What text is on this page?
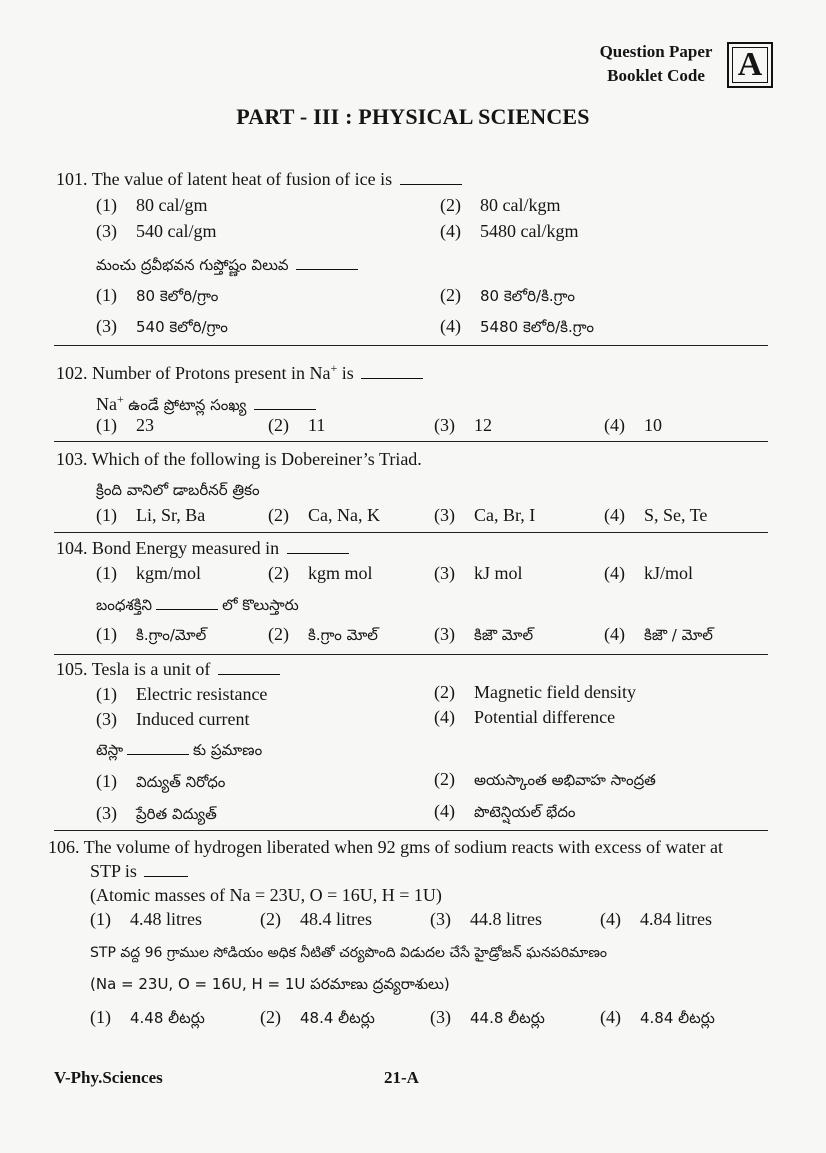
Question Paper
Booklet Code A
PART - III : PHYSICAL SCIENCES
101. The value of latent heat of fusion of ice is
(1) 80 cal/gm	(2) 80 cal/kgm
(3) 540 cal/gm	(4) 5480 cal/kgm
మంచు ద్రవీభవన గుప్తోష్ణం విలువ
(1) 80 కెలోరి/గ్రాం	(2) 80 కెలోరి/కి.గ్రాం
(3) 540 కెలోరి/గ్రాం	(4) 5480 కెలోరి/కి.గ్రాం
102. Number of Protons present in Na+ is
Na+ ఉండే ప్రోటాన్ల సంఖ్య
(1) 23	(2) 11	(3) 12	(4) 10
103. Which of the following is Dobereiner’s Triad.
క్రింది వానిలో డాబరీనర్ త్రికం
(1) Li, Sr, Ba	(2) Ca, Na, K	(3) Ca, Br, I	(4) S, Se, Te
104. Bond Energy measured in
(1) kgm/mol	(2) kgm mol	(3) kJ mol	(4) kJ/mol
బంధశక్తిని	లో కొలుస్తారు
(1) కి.గ్రాం/మోల్	(2) కి.గ్రాం మోల్	(3) కిజౌ మోల్	(4) కిజౌ / మోల్
105. Tesla is a unit of
(1) Electric resistance	(2) Magnetic field density
(3) Induced current	(4) Potential difference
టెస్లా	కు ప్రమాణం
(1) విద్యుత్ నిరోధం	(2) అయస్కాంత అభివాహ సాంద్రత
(3) ప్రేరిత విద్యుత్	(4) పొటెన్షియల్ భేదం
106. The volume of hydrogen liberated when 92 gms of sodium reacts with excess of water at
STP is
(Atomic masses of Na = 23U, O = 16U, H = 1U)
(1) 4.48 litres	(2) 48.4 litres	(3) 44.8 litres	(4) 4.84 litres
STP వద్ద 96 గ్రాముల సోడియం అధిక నీటితో చర్యపొంది విడుదల చేసే హైడ్రోజన్ ఘనపరిమాణం
(Na = 23U, O = 16U, H = 1U పరమాణు ద్రవ్యరాశులు)
(1) 4.48 లీటర్లు	(2) 48.4 లీటర్లు	(3) 44.8 లీటర్లు	(4) 4.84 లీటర్లు
V-Phy.Sciences	21-A
